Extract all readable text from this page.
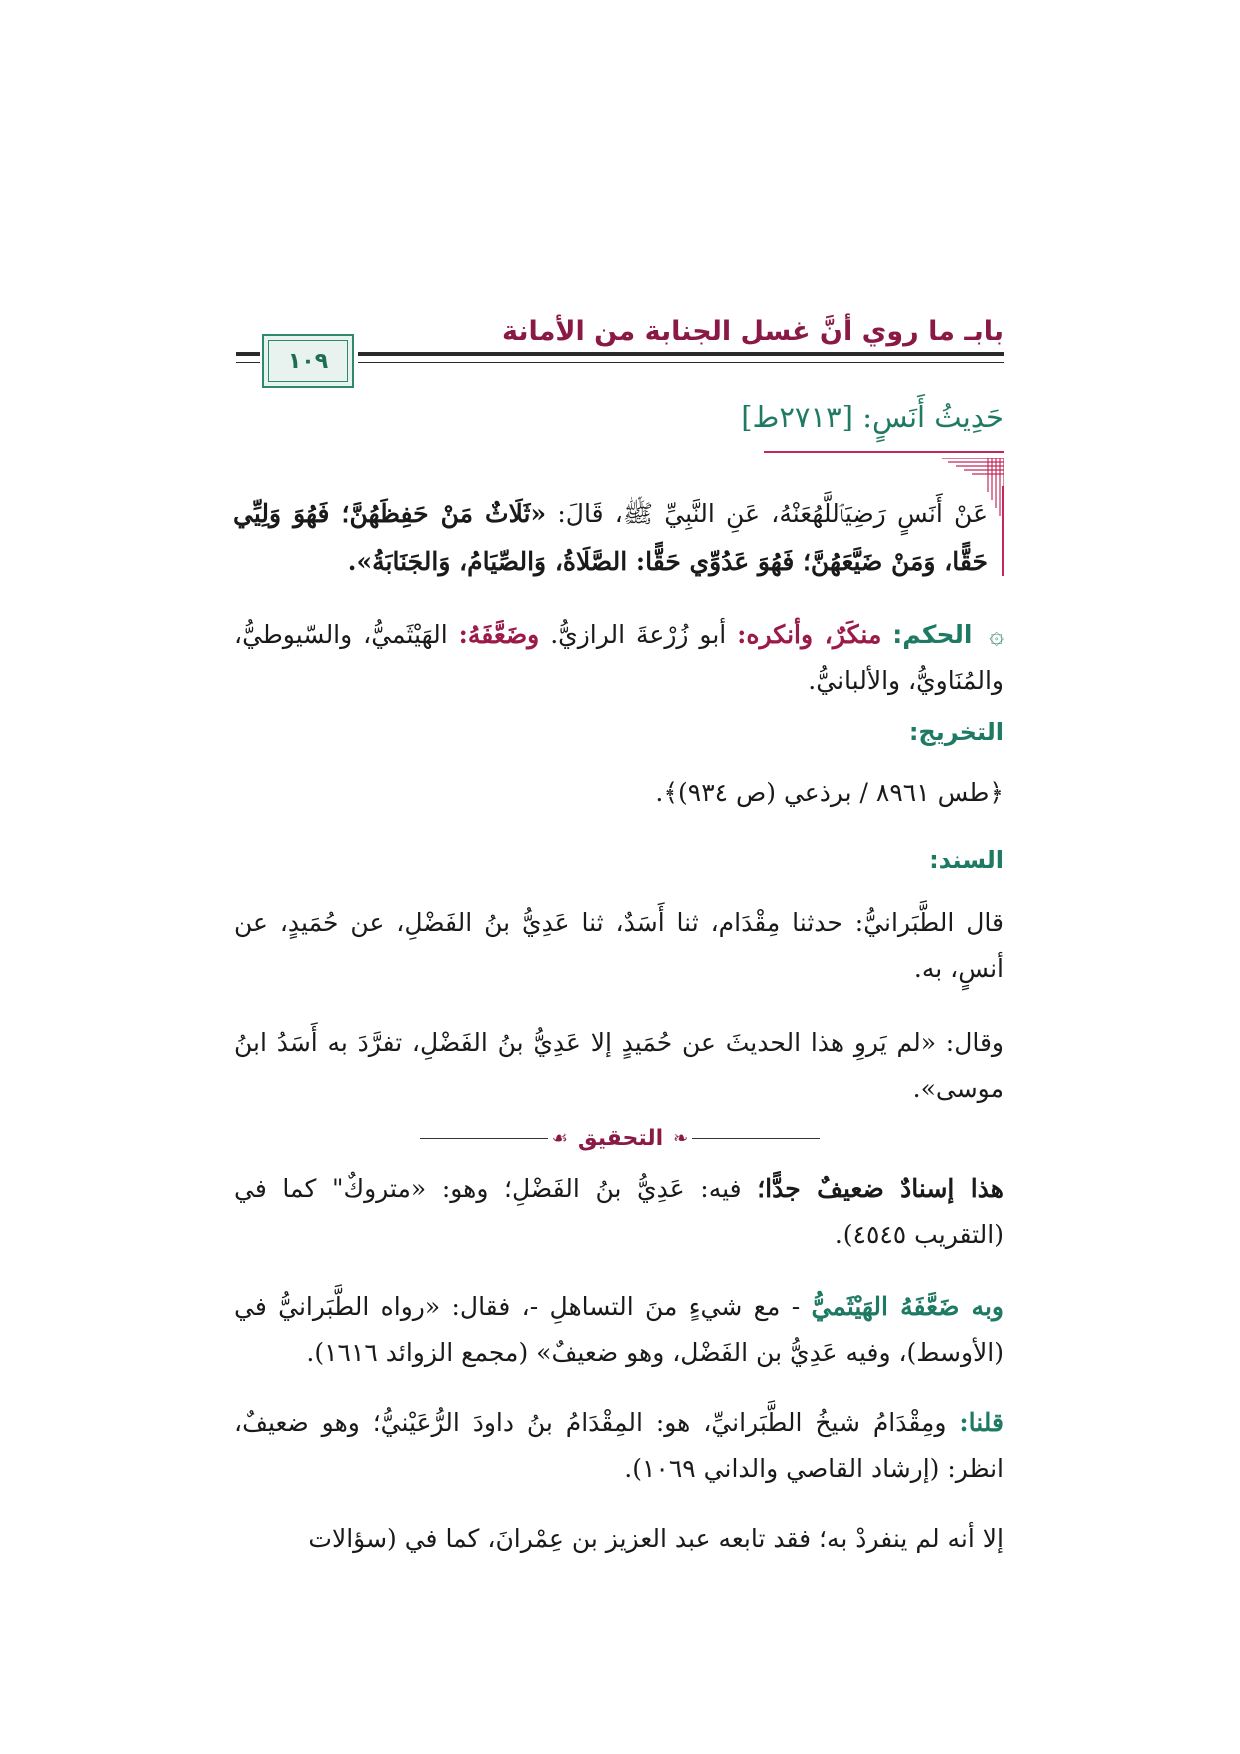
بابـ ما روي أنَّ غسل الجنابة من الأمانة
١٠٩
حَدِيثُ أَنَسٍ: [٢٧١٣ط]
عَنْ أَنَسٍ رَضِيَٱللَّهُعَنْهُ، عَنِ النَّبِيِّ ﷺ، قَالَ: «ثَلَاثٌ مَنْ حَفِظَهُنَّ؛ فَهُوَ وَلِيِّي حَقًّا، وَمَنْ ضَيَّعَهُنَّ؛ فَهُوَ عَدُوِّي حَقًّا: الصَّلَاةُ، وَالصِّيَامُ، وَالجَنَابَةُ».
۞ الحكم: منكَرٌ، وأنكره: أبو زُرْعةَ الرازيُّ. وضَعَّفَهُ: الهَيْثَميُّ، والسّيوطيُّ، والمُنَاويُّ، والألبانيُّ.
التخريج:
﴿طس ٨٩٦١ / برذعي (ص ٩٣٤)﴾.
السند:
قال الطَّبَرانيُّ: حدثنا مِقْدَام، ثنا أَسَدٌ، ثنا عَدِيُّ بنُ الفَضْلِ، عن حُمَيدٍ، عن أنسٍ، به.
وقال: «لم يَروِ هذا الحديثَ عن حُمَيدٍ إلا عَدِيُّ بنُ الفَضْلِ، تفرَّدَ به أَسَدُ ابنُ موسى».
❧
التحقيق
☙
هذا إسنادٌ ضعيفٌ جدًّا؛ فيه: عَدِيُّ بنُ الفَضْلِ؛ وهو: «متروكٌ" كما في (التقريب ٤٥٤٥).
وبه ضَعَّفَهُ الهَيْثَميُّ - مع شيءٍ منَ التساهلِ -، فقال: «رواه الطَّبَرانيُّ في (الأوسط)، وفيه عَدِيُّ بن الفَضْل، وهو ضعيفٌ» (مجمع الزوائد ١٦١٦).
قلنا: ومِقْدَامُ شيخُ الطَّبَرانيِّ، هو: المِقْدَامُ بنُ داودَ الرُّعَيْنيُّ؛ وهو ضعيفٌ، انظر: (إرشاد القاصي والداني ١٠٦٩).
إلا أنه لم ينفردْ به؛ فقد تابعه عبد العزيز بن عِمْرانَ، كما في (سؤالات
